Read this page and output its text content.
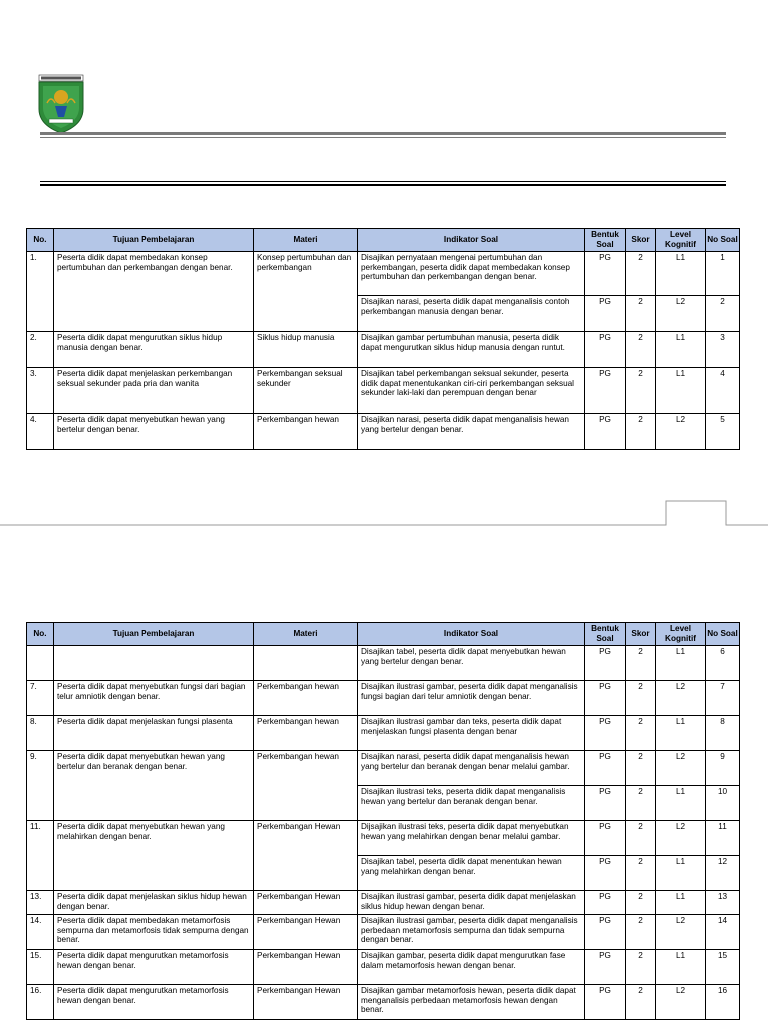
No.	Tujuan Pembelajaran	Materi	Indikator Soal	Bentuk Soal	Skor	Level Kognitif	No Soal
1.	Peserta didik dapat membedakan konsep pertumbuhan dan perkembangan dengan benar.	Konsep pertumbuhan dan perkembangan	Disajikan pernyataan mengenai pertumbuhan dan perkembangan, peserta didik dapat membedakan konsep pertumbuhan dan perkembangan dengan benar.	PG	2	L1	1
			Disajikan narasi, peserta didik dapat menganalisis contoh perkembangan manusia dengan benar.	PG	2	L2	2
2.	Peserta didik dapat mengurutkan siklus hidup manusia dengan benar.	Siklus hidup manusia	Disajikan gambar pertumbuhan manusia, peserta didik dapat mengurutkan siklus hidup manusia dengan runtut.	PG	2	L1	3
3.	Peserta didik dapat menjelaskan perkembangan seksual sekunder pada pria dan wanita	Perkembangan seksual sekunder	Disajikan tabel perkembangan seksual sekunder, peserta didik dapat menentukankan ciri-ciri perkembangan seksual sekunder laki-laki dan perempuan dengan benar	PG	2	L1	4
4.	Peserta didik dapat menyebutkan hewan yang bertelur dengan benar.	Perkembangan hewan	Disajikan narasi, peserta didik dapat menganalisis hewan yang bertelur dengan benar.	PG	2	L2	5
No.	Tujuan Pembelajaran	Materi	Indikator Soal	Bentuk Soal	Skor	Level Kognitif	No Soal
			Disajikan tabel, peserta didik dapat menyebutkan hewan yang bertelur dengan benar.	PG	2	L1	6
7.	Peserta didik dapat menyebutkan fungsi dari bagian telur amniotik dengan benar.	Perkembangan hewan	Disajikan ilustrasi gambar, peserta didik dapat menganalisis fungsi bagian dari telur amniotik dengan benar.	PG	2	L2	7
8.	Peserta didik dapat menjelaskan fungsi plasenta	Perkembangan hewan	Disajikan ilustrasi gambar dan teks, peserta didik dapat menjelaskan fungsi plasenta dengan benar	PG	2	L1	8
9.	Peserta didik dapat menyebutkan hewan yang bertelur dan beranak dengan benar.	Perkembangan hewan	Disajikan narasi, peserta didik dapat menganalisis hewan yang bertelur dan beranak dengan benar melalui gambar.	PG	2	L2	9
			Disajikan ilustrasi teks, peserta didik dapat menganalisis hewan yang bertelur dan beranak dengan benar.	PG	2	L1	10
11.	Peserta didik dapat menyebutkan hewan yang melahirkan dengan benar.	Perkembangan Hewan	Dijsajikan ilustrasi teks, peserta didik dapat menyebutkan hewan yang melahirkan dengan benar melalui gambar.	PG	2	L2	11
			Disajikan tabel, peserta didik dapat menentukan hewan yang melahirkan dengan benar.	PG	2	L1	12
13.	Peserta didik dapat menjelaskan siklus hidup hewan dengan benar.	Perkembangan Hewan	Disajikan ilustrasi gambar, peserta didik dapat menjelaskan siklus hidup hewan dengan benar.	PG	2	L1	13
14.	Peserta didik dapat membedakan metamorfosis sempurna dan metamorfosis tidak sempurna dengan benar.	Perkembangan Hewan	Disajikan ilustrasi gambar, peserta didik dapat menganalisis perbedaan metamorfosis sempurna dan tidak sempurna dengan benar.	PG	2	L2	14
15.	Peserta didik dapat mengurutkan metamorfosis hewan dengan benar.	Perkembangan Hewan	Disajikan gambar, peserta didik dapat mengurutkan fase dalam metamorfosis hewan dengan benar.	PG	2	L1	15
16.	Peserta didik dapat mengurutkan metamorfosis hewan dengan benar.	Perkembangan Hewan	Disajikan gambar metamorfosis hewan, peserta didik dapat menganalisis perbedaan metamorfosis hewan dengan benar.	PG	2	L2	16
